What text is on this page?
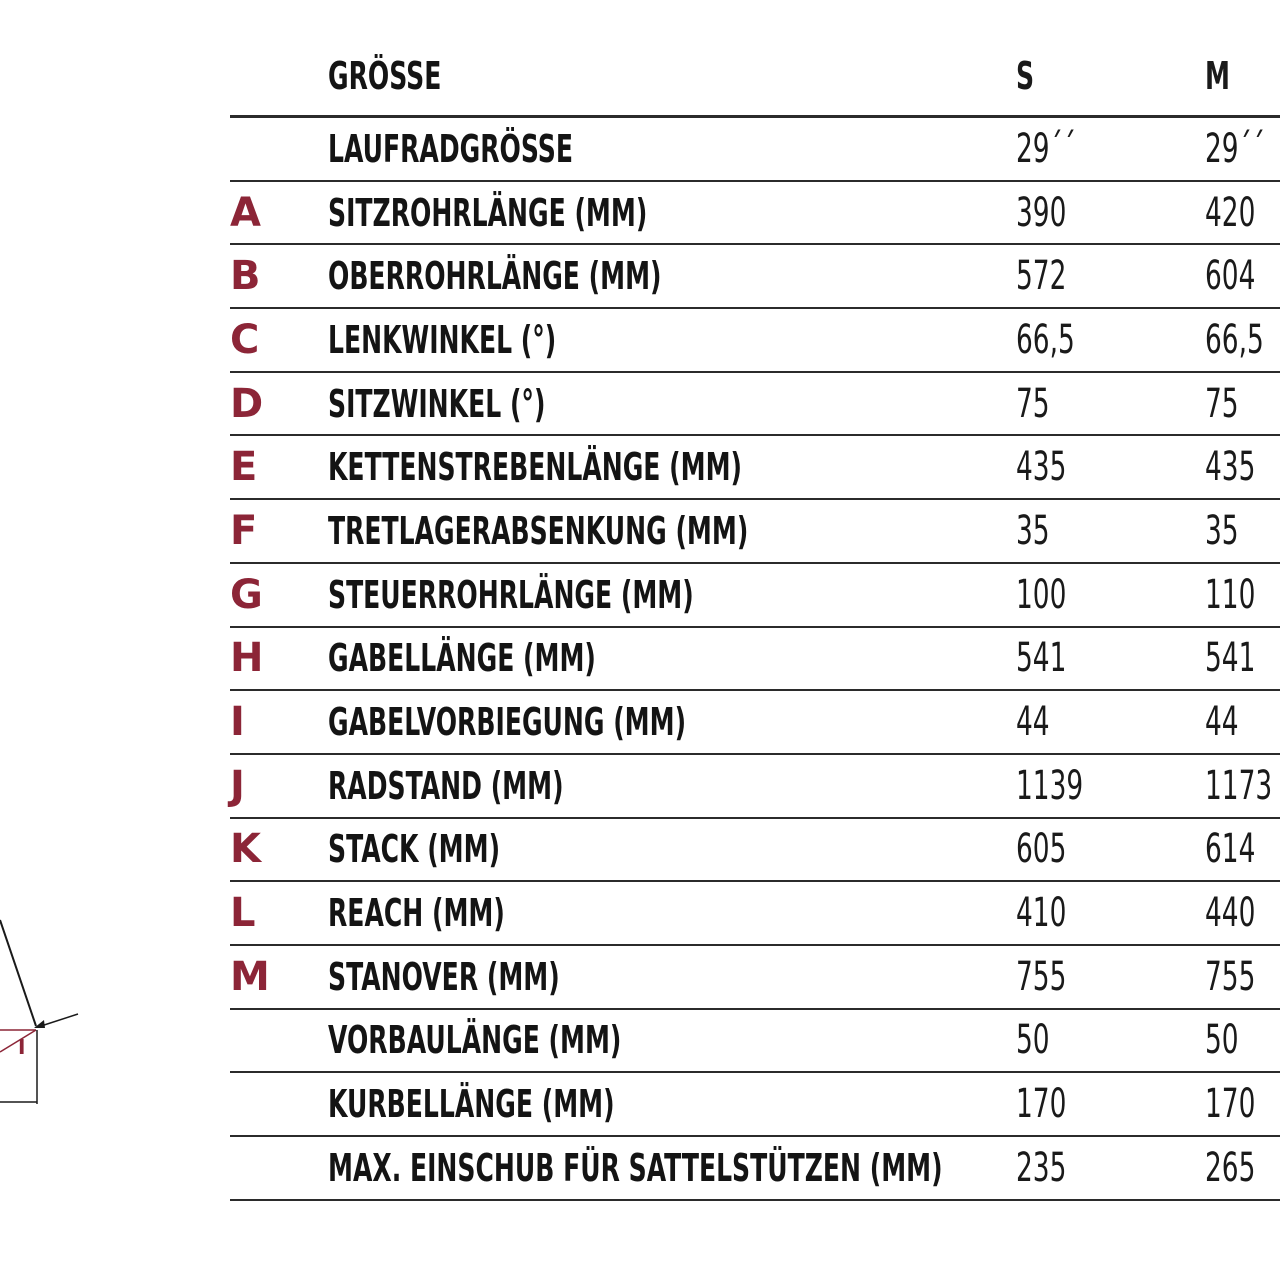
I
GRÖSSE	S	M
LAUFRADGRÖSSE	29´´	29´´
A	SITZROHRLÄNGE (MM)	390	420
B	OBERROHRLÄNGE (MM)	572	604
C	LENKWINKEL (°)	66,5	66,5
D	SITZWINKEL (°)	75	75
E	KETTENSTREBENLÄNGE (MM)	435	435
F	TRETLAGERABSENKUNG (MM)	35	35
G	STEUERROHRLÄNGE (MM)	100	110
H	GABELLÄNGE (MM)	541	541
I	GABELVORBIEGUNG (MM)	44	44
J	RADSTAND (MM)	1139	1173
K	STACK (MM)	605	614
L	REACH (MM)	410	440
M	STANOVER (MM)	755	755
VORBAULÄNGE (MM)	50	50
KURBELLÄNGE (MM)	170	170
MAX. EINSCHUB FÜR SATTELSTÜTZEN (MM) 235	265
